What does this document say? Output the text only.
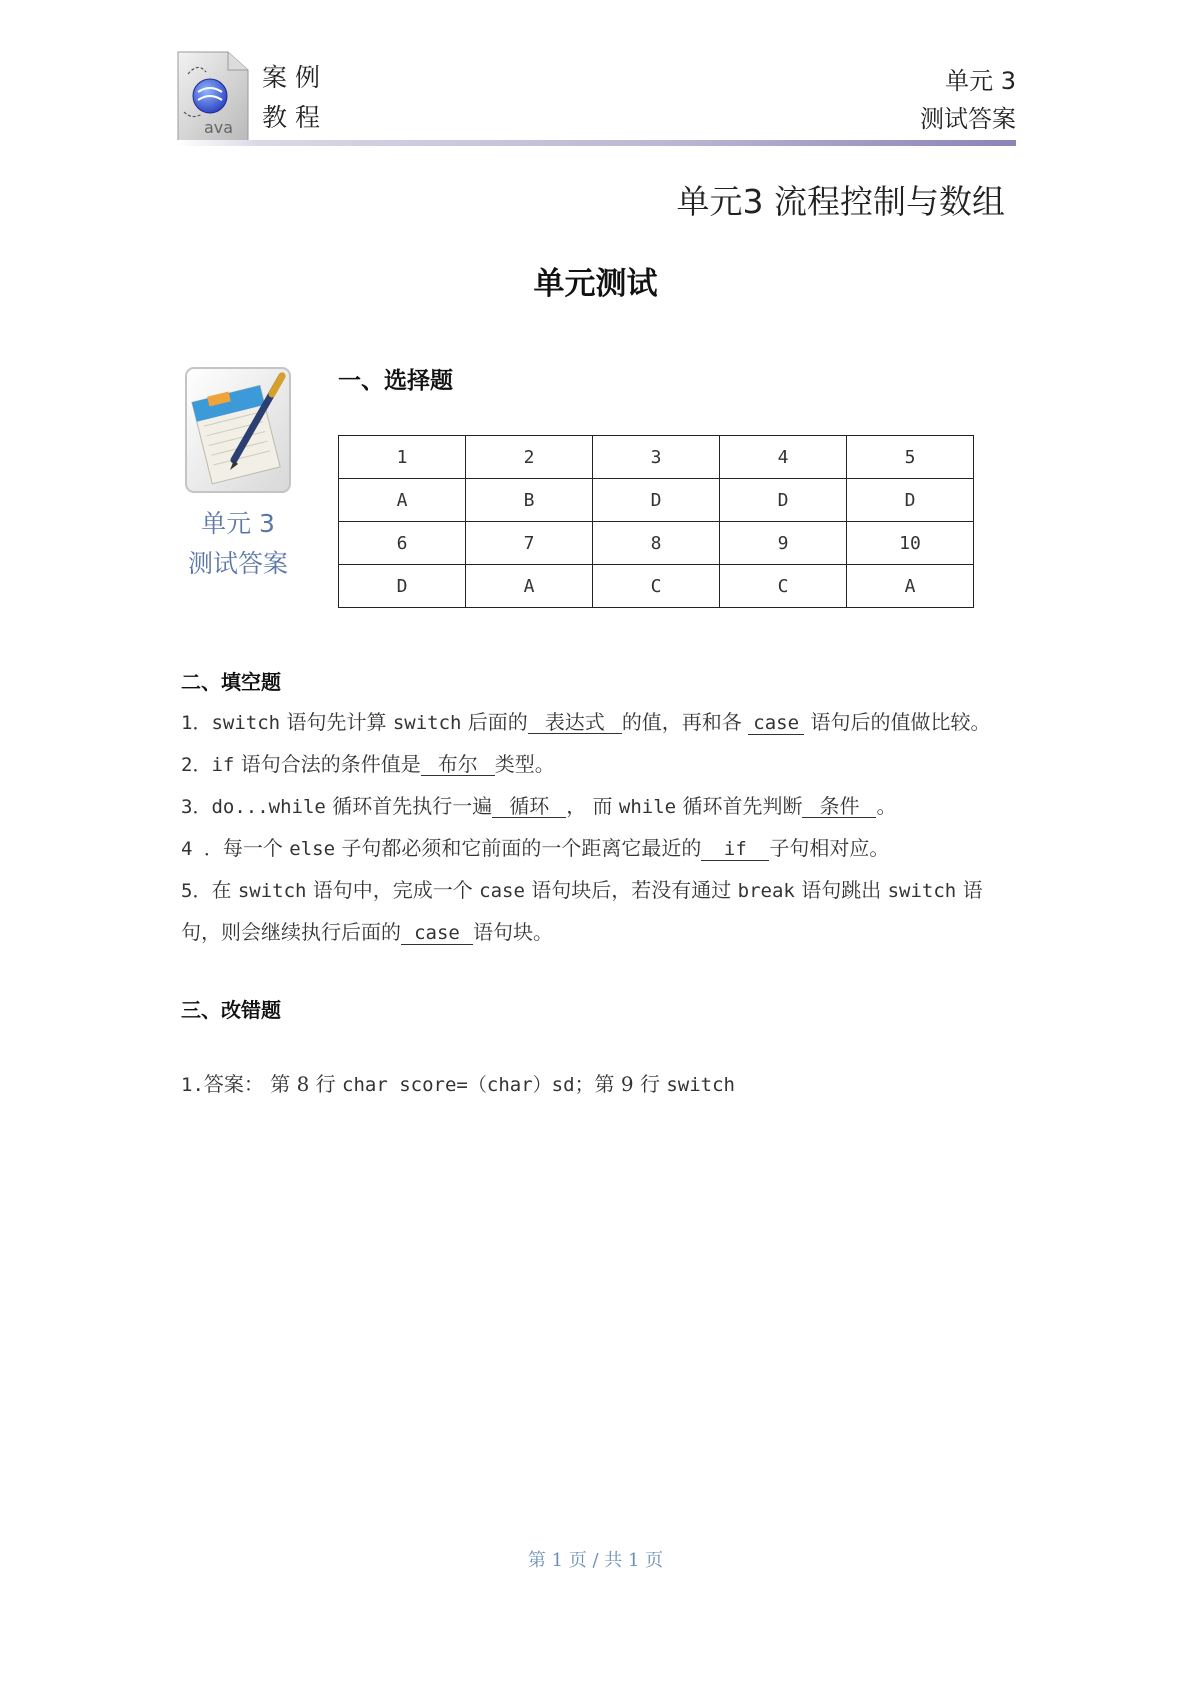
ava
案例
教程
单元 3
测试答案
单元3 流程控制与数组
单元测试
单元 3
测试答案
一、选择题
1	2	3	4	5
A	B	D	D	D
6	7	8	9	10
D	A	C	C	A
二、填空题
1．switch 语句先计算 switch 后面的 表达式 的值，再和各 case 语句后的值做比较。
2．if 语句合法的条件值是 布尔 类型。
3．do...while 循环首先执行一遍 循环 ， 而 while 循环首先判断 条件 。
4 ．每一个 else 子句都必须和它前面的一个距离它最近的 if 子句相对应。
5．在 switch 语句中，完成一个 case 语句块后，若没有通过 break 语句跳出 switch 语
句，则会继续执行后面的 case 语句块。
三、改错题
1.答案： 第 8 行 char score=（char）sd；第 9 行 switch
第 1 页 / 共 1 页
